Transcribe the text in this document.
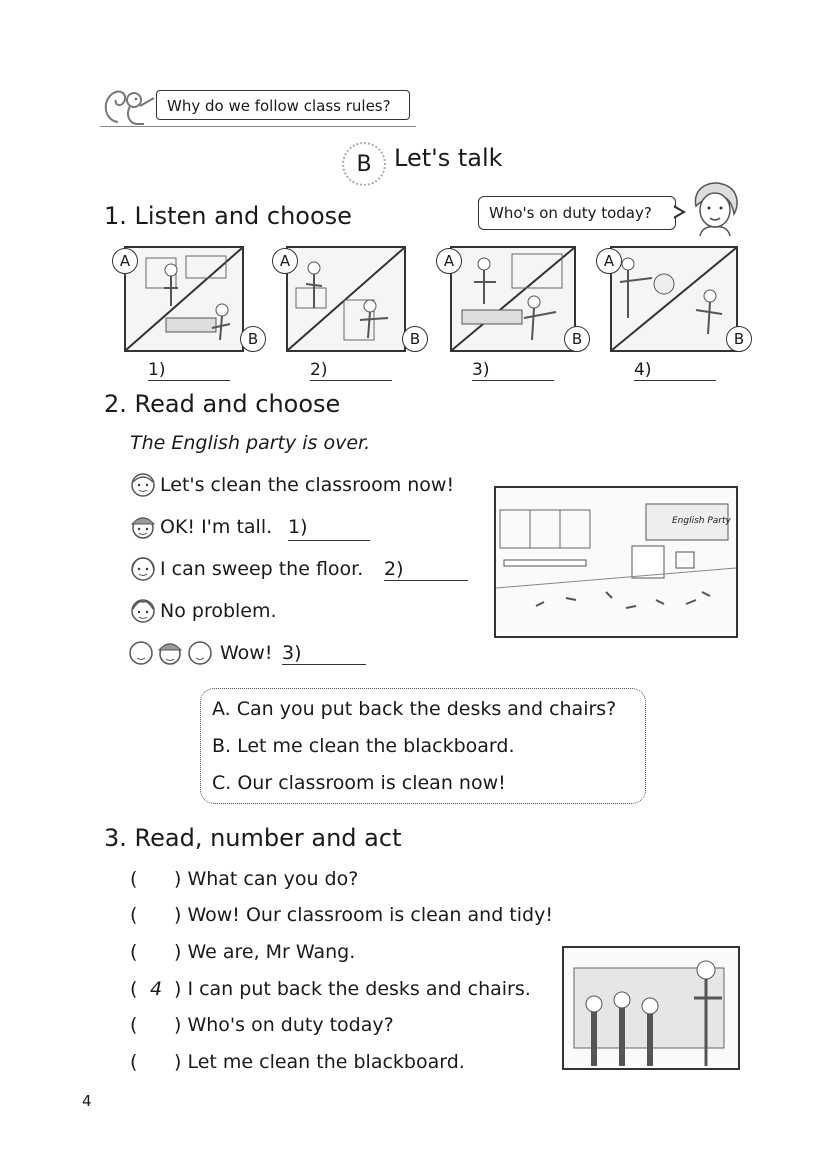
Why do we follow class rules?
B Let's talk
1. Listen and choose	Who's on duty today?
A
B
A
B
A
B
A
B
1)	2)	3)	4)
2. Read and choose
The English party is over.
Let's clean the classroom now!
OK! I'm tall. 1)
I can sweep the floor. 2)
No problem.
Wow! 3)
English Party
A. Can you put back the desks and chairs?
B. Let me clean the blackboard.
C. Our classroom is clean now!
3. Read, number and act
( ) What can you do?
( ) Wow! Our classroom is clean and tidy!
( ) We are, Mr Wang.
( 4 ) I can put back the desks and chairs.
( ) Who's on duty today?
( ) Let me clean the blackboard.
4
